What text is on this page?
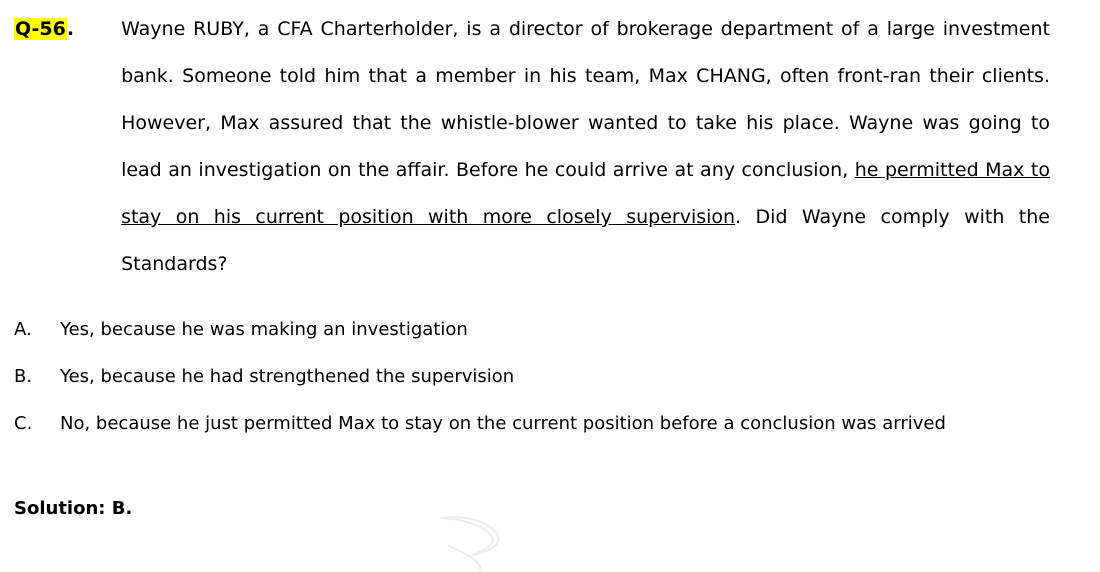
Q-56. Wayne RUBY, a CFA Charterholder, is a director of brokerage department of a large investment bank. Someone told him that a member in his team, Max CHANG, often front-ran their clients. However, Max assured that the whistle-blower wanted to take his place. Wayne was going to lead an investigation on the affair. Before he could arrive at any conclusion, he permitted Max to stay on his current position with more closely supervision. Did Wayne comply with the Standards?
A.	Yes, because he was making an investigation
B.	Yes, because he had strengthened the supervision
C.	No, because he just permitted Max to stay on the current position before a conclusion was arrived
Solution: B.
